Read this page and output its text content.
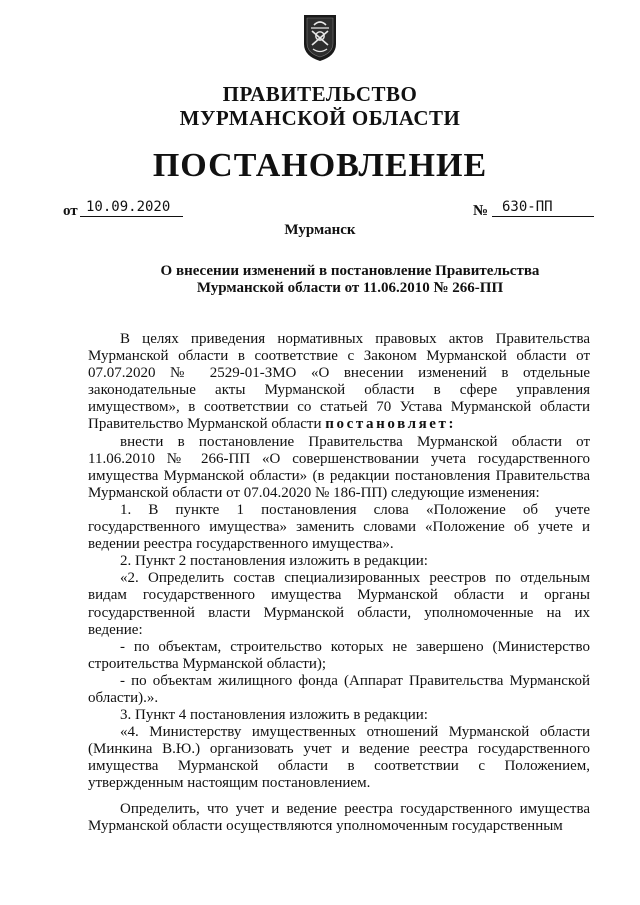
ПРАВИТЕЛЬСТВО
МУРМАНСКОЙ ОБЛАСТИ
ПОСТАНОВЛЕНИЕ
от 10.09.2020	№ 630-ПП
Мурманск
О внесении изменений в постановление Правительства
Мурманской области от 11.06.2010 № 266-ПП

В целях приведения нормативных правовых актов Правительства Мурманской области в соответствие с Законом Мурманской области от 07.07.2020 № 2529-01-ЗМО «О внесении изменений в отдельные законодательные акты Мурманской области в сфере управления имуществом», в соответствии со статьей 70 Устава Мурманской области Правительство Мурманской области постановляет:

внести в постановление Правительства Мурманской области от 11.06.2010 № 266-ПП «О совершенствовании учета государственного имущества Мурманской области» (в редакции постановления Правительства Мурманской области от 07.04.2020 № 186-ПП) следующие изменения:

1. В пункте 1 постановления слова «Положение об учете государственного имущества» заменить словами «Положение об учете и ведении реестра государственного имущества».

2. Пункт 2 постановления изложить в редакции:

«2. Определить состав специализированных реестров по отдельным видам государственного имущества Мурманской области и органы государственной власти Мурманской области, уполномоченные на их ведение:

- по объектам, строительство которых не завершено (Министерство строительства Мурманской области);

- по объектам жилищного фонда (Аппарат Правительства Мурманской области).».

3. Пункт 4 постановления изложить в редакции:

«4. Министерству имущественных отношений Мурманской области (Минкина В.Ю.) организовать учет и ведение реестра государственного имущества Мурманской области в соответствии с Положением, утвержденным настоящим постановлением.

Определить, что учет и ведение реестра государственного имущества Мурманской области осуществляются уполномоченным государственным
